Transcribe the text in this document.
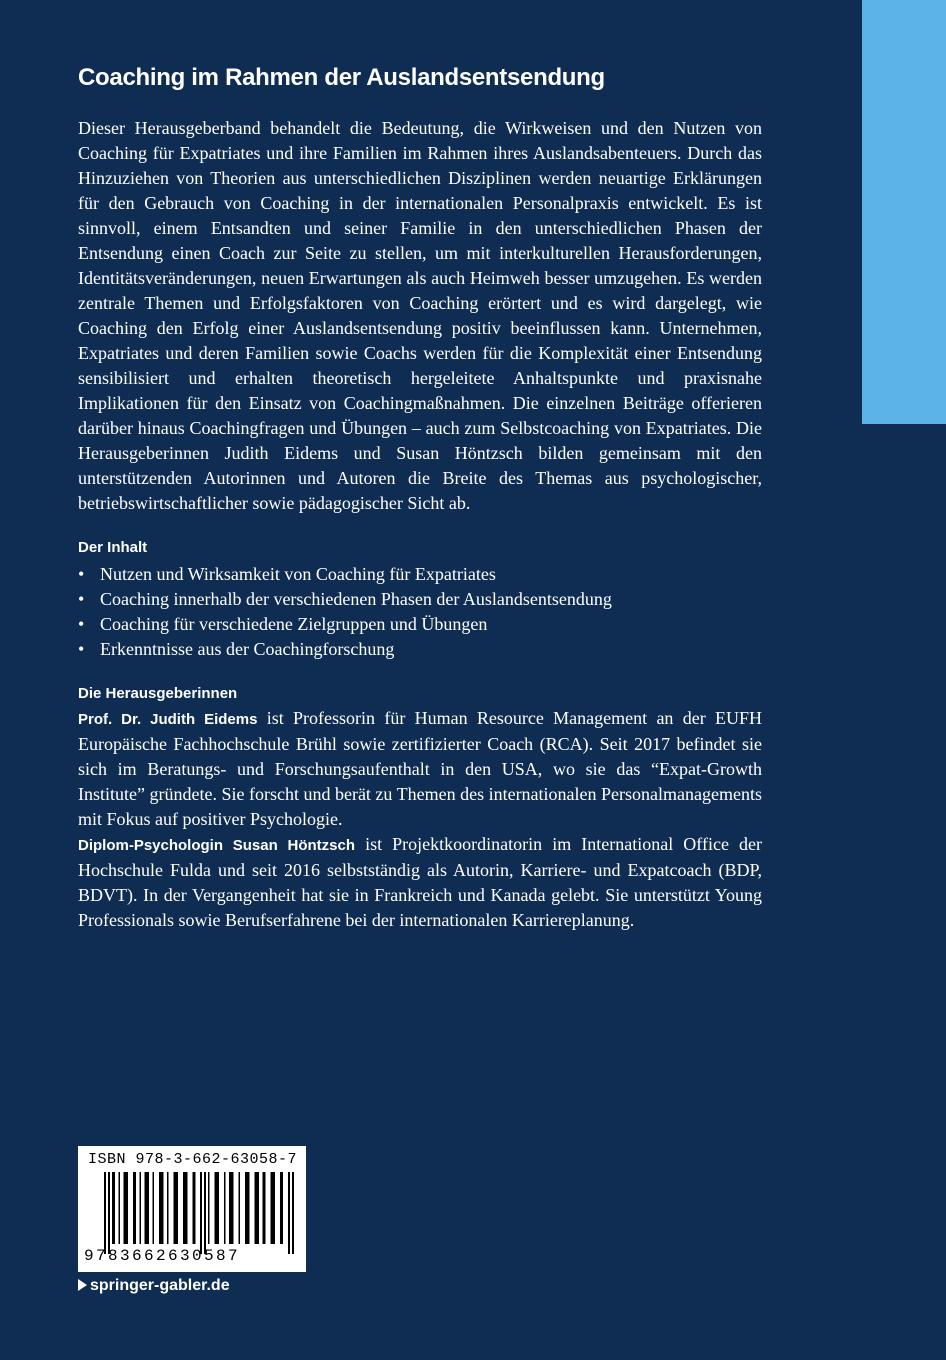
Coaching im Rahmen der Auslandsentsendung

Dieser Herausgeberband behandelt die Bedeutung, die Wirkweisen und den Nutzen von Coaching für Expatriates und ihre Familien im Rahmen ihres Auslandsabenteuers. Durch das Hinzuziehen von Theorien aus unterschiedlichen Disziplinen werden neuartige Erklärungen für den Gebrauch von Coaching in der internationalen Personalpraxis entwickelt. Es ist sinnvoll, einem Entsandten und seiner Familie in den unterschiedlichen Phasen der Entsendung einen Coach zur Seite zu stellen, um mit interkulturellen Herausforderungen, Identitätsveränderungen, neuen Erwartungen als auch Heimweh besser umzugehen. Es werden zentrale Themen und Erfolgsfaktoren von Coaching erörtert und es wird dargelegt, wie Coaching den Erfolg einer Auslandsentsendung positiv beeinflussen kann. Unternehmen, Expatriates und deren Familien sowie Coachs werden für die Komplexität einer Entsendung sensibilisiert und erhalten theoretisch hergeleitete Anhaltspunkte und praxisnahe Implikationen für den Einsatz von Coachingmaßnahmen. Die einzelnen Beiträge offerieren darüber hinaus Coachingfragen und Übungen – auch zum Selbstcoaching von Expatriates. Die Herausgeberinnen Judith Eidems und Susan Höntzsch bilden gemeinsam mit den unterstützenden Autorinnen und Autoren die Breite des Themas aus psychologischer, betriebswirtschaftlicher sowie pädagogischer Sicht ab.

Der Inhalt
• Nutzen und Wirksamkeit von Coaching für Expatriates
• Coaching innerhalb der verschiedenen Phasen der Auslandsentsendung
• Coaching für verschiedene Zielgruppen und Übungen
• Erkenntnisse aus der Coachingforschung
Die Herausgeberinnen

Prof. Dr. Judith Eidems ist Professorin für Human Resource Management an der EUFH Europäische Fachhochschule Brühl sowie zertifizierter Coach (RCA). Seit 2017 befindet sie sich im Beratungs- und Forschungsaufenthalt in den USA, wo sie das “Expat-Growth Institute” gründete. Sie forscht und berät zu Themen des internationalen Personalmanagements mit Fokus auf positiver Psychologie.

Diplom-Psychologin Susan Höntzsch ist Projektkoordinatorin im International Office der Hochschule Fulda und seit 2016 selbstständig als Autorin, Karriere- und Expatcoach (BDP, BDVT). In der Vergangenheit hat sie in Frankreich und Kanada gelebt. Sie unterstützt Young Professionals sowie Berufserfahrene bei der internationalen Karriereplanung.

ISBN 978-3-662-63058-7
9783662630587
springer-gabler.de
